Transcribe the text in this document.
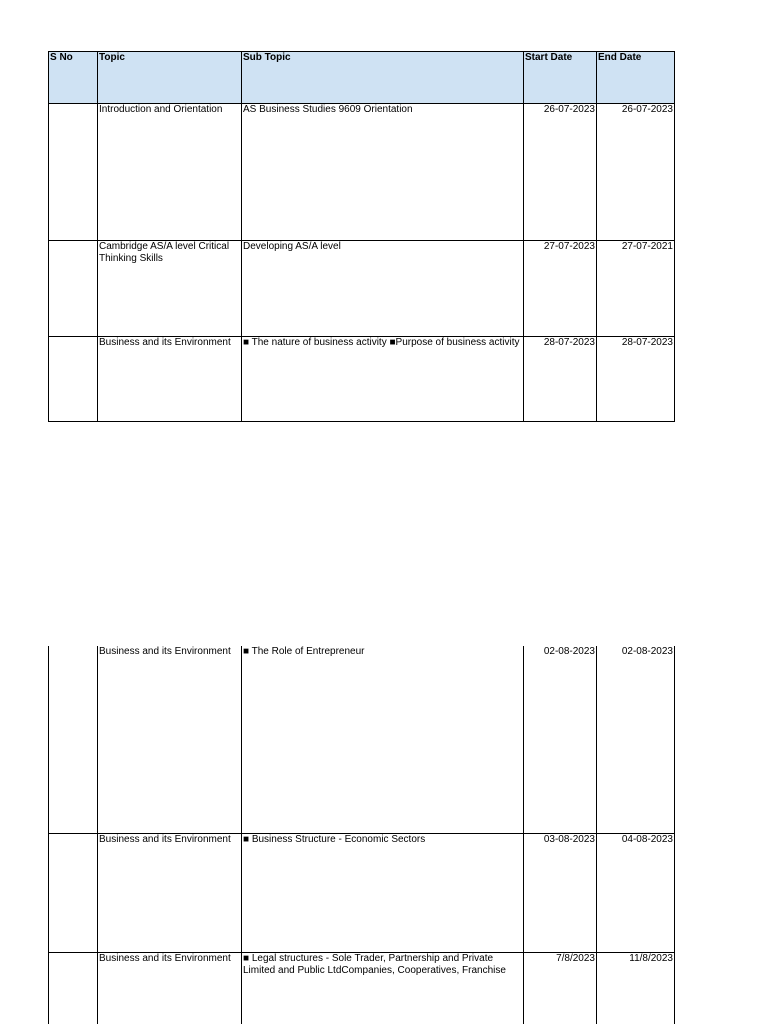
S No	Topic	Sub Topic	Start Date	End Date
	Introduction and Orientation	AS Business Studies 9609 Orientation	26-07-2023	26-07-2023
	Cambridge AS/A level Critical Thinking Skills	Developing AS/A level	27-07-2023	27-07-2021
	Business and its Environment	■ The nature of business activity ■Purpose of business activity	28-07-2023	28-07-2023
	Business and its Environment	■ The Role of Entrepreneur	02-08-2023	02-08-2023
	Business and its Environment	■ Business Structure - Economic Sectors	03-08-2023	04-08-2023
	Business and its Environment	■ Legal structures - Sole Trader, Partnership and Private Limited and Public LtdCompanies, Cooperatives, Franchise	7/8/2023	11/8/2023
